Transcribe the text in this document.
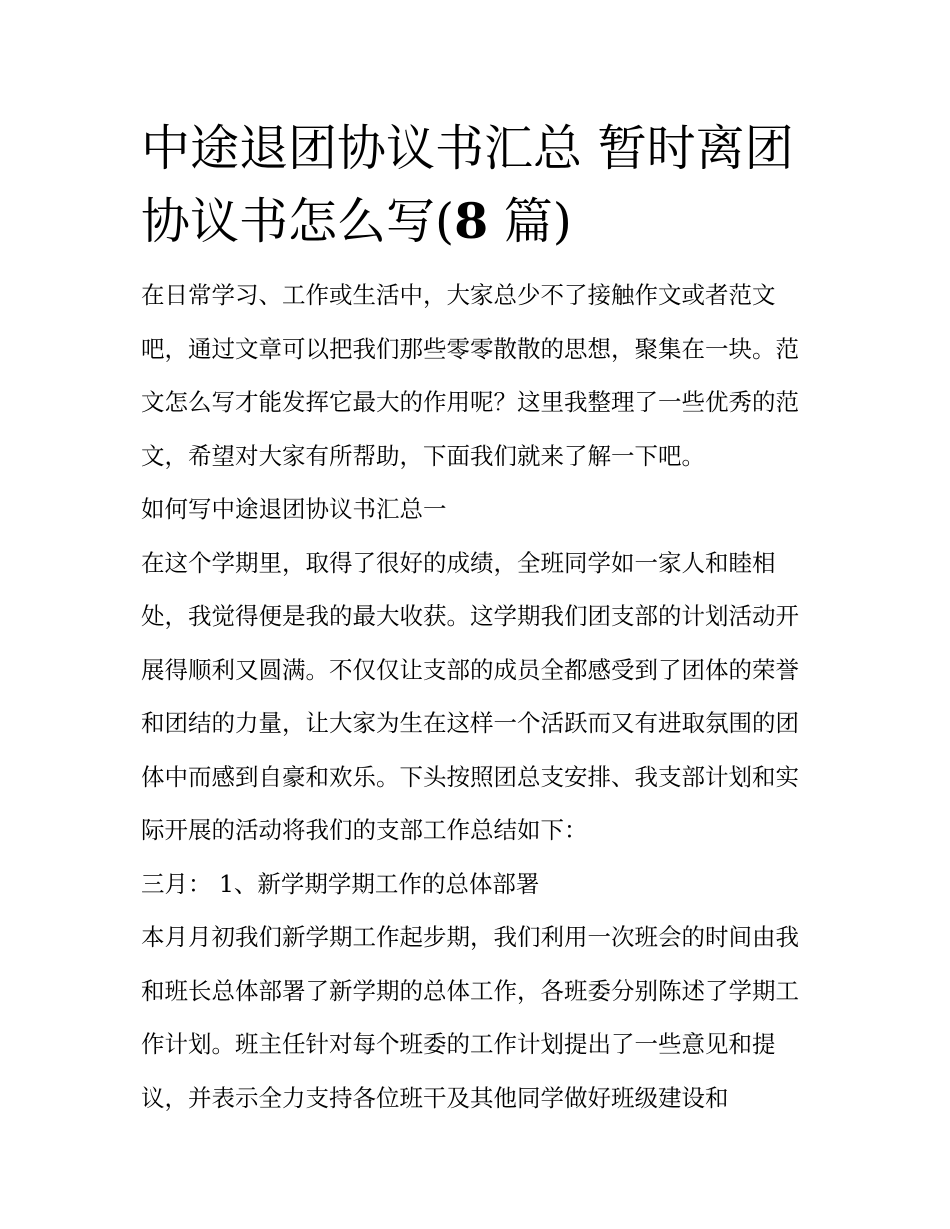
中途退团协议书汇总 暂时离团协议书怎么写(8 篇)

在日常学习、工作或生活中，大家总少不了接触作文或者范文吧，通过文章可以把我们那些零零散散的思想，聚集在一块。范文怎么写才能发挥它最大的作用呢？这里我整理了一些优秀的范文，希望对大家有所帮助，下面我们就来了解一下吧。

如何写中途退团协议书汇总一

在这个学期里，取得了很好的成绩，全班同学如一家人和睦相处，我觉得便是我的最大收获。这学期我们团支部的计划活动开展得顺利又圆满。不仅仅让支部的成员全都感受到了团体的荣誉和团结的力量，让大家为生在这样一个活跃而又有进取氛围的团体中而感到自豪和欢乐。下头按照团总支安排、我支部计划和实际开展的活动将我们的支部工作总结如下：

三月： 1、新学期学期工作的总体部署

本月月初我们新学期工作起步期，我们利用一次班会的时间由我和班长总体部署了新学期的总体工作，各班委分别陈述了学期工作计划。班主任针对每个班委的工作计划提出了一些意见和提议，并表示全力支持各位班干及其他同学做好班级建设和
